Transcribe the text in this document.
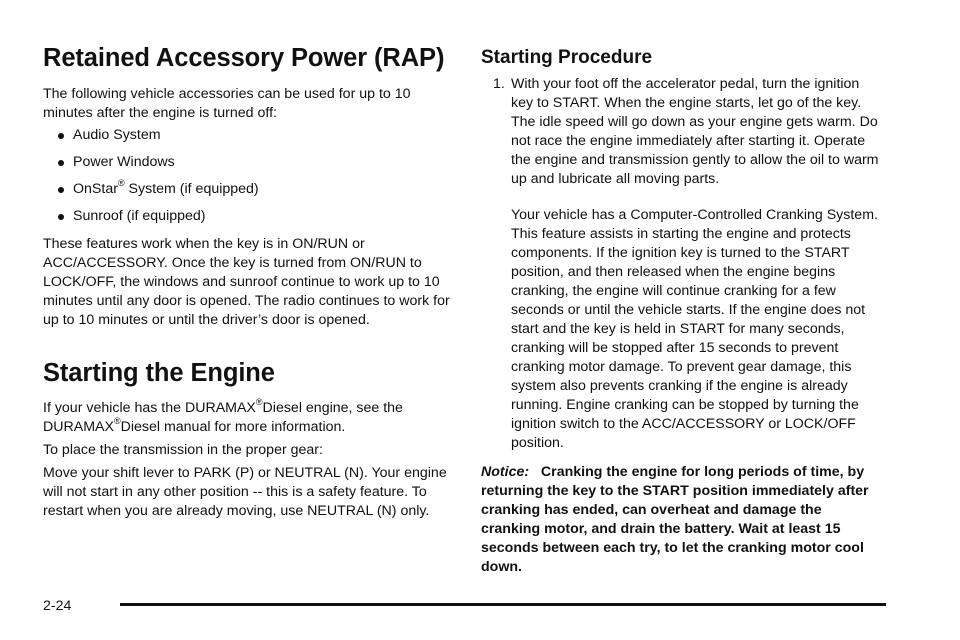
Retained Accessory Power (RAP)

The following vehicle accessories can be used for up to 10 minutes after the engine is turned off:

Audio System
Power Windows
OnStar® System (if equipped)
Sunroof (if equipped)

These features work when the key is in ON/RUN or ACC/ACCESSORY. Once the key is turned from ON/RUN to LOCK/OFF, the windows and sunroof continue to work up to 10 minutes until any door is opened. The radio continues to work for up to 10 minutes or until the driver’s door is opened.

Starting the Engine

If your vehicle has the DURAMAX®Diesel engine, see the DURAMAX®Diesel manual for more information.

To place the transmission in the proper gear:

Move your shift lever to PARK (P) or NEUTRAL (N). Your engine will not start in any other position -- this is a safety feature. To restart when you are already moving, use NEUTRAL (N) only.

Starting Procedure
1. With your foot off the accelerator pedal, turn the ignition key to START. When the engine starts, let go of the key. The idle speed will go down as your engine gets warm. Do not race the engine immediately after starting it. Operate the engine and transmission gently to allow the oil to warm up and lubricate all moving parts.

Your vehicle has a Computer-Controlled Cranking System. This feature assists in starting the engine and protects components. If the ignition key is turned to the START position, and then released when the engine begins cranking, the engine will continue cranking for a few seconds or until the vehicle starts. If the engine does not start and the key is held in START for many seconds, cranking will be stopped after 15 seconds to prevent cranking motor damage. To prevent gear damage, this system also prevents cranking if the engine is already running. Engine cranking can be stopped by turning the ignition switch to the ACC/ACCESSORY or LOCK/OFF position.

Notice: Cranking the engine for long periods of time, by returning the key to the START position immediately after cranking has ended, can overheat and damage the cranking motor, and drain the battery. Wait at least 15 seconds between each try, to let the cranking motor cool down.

2-24
